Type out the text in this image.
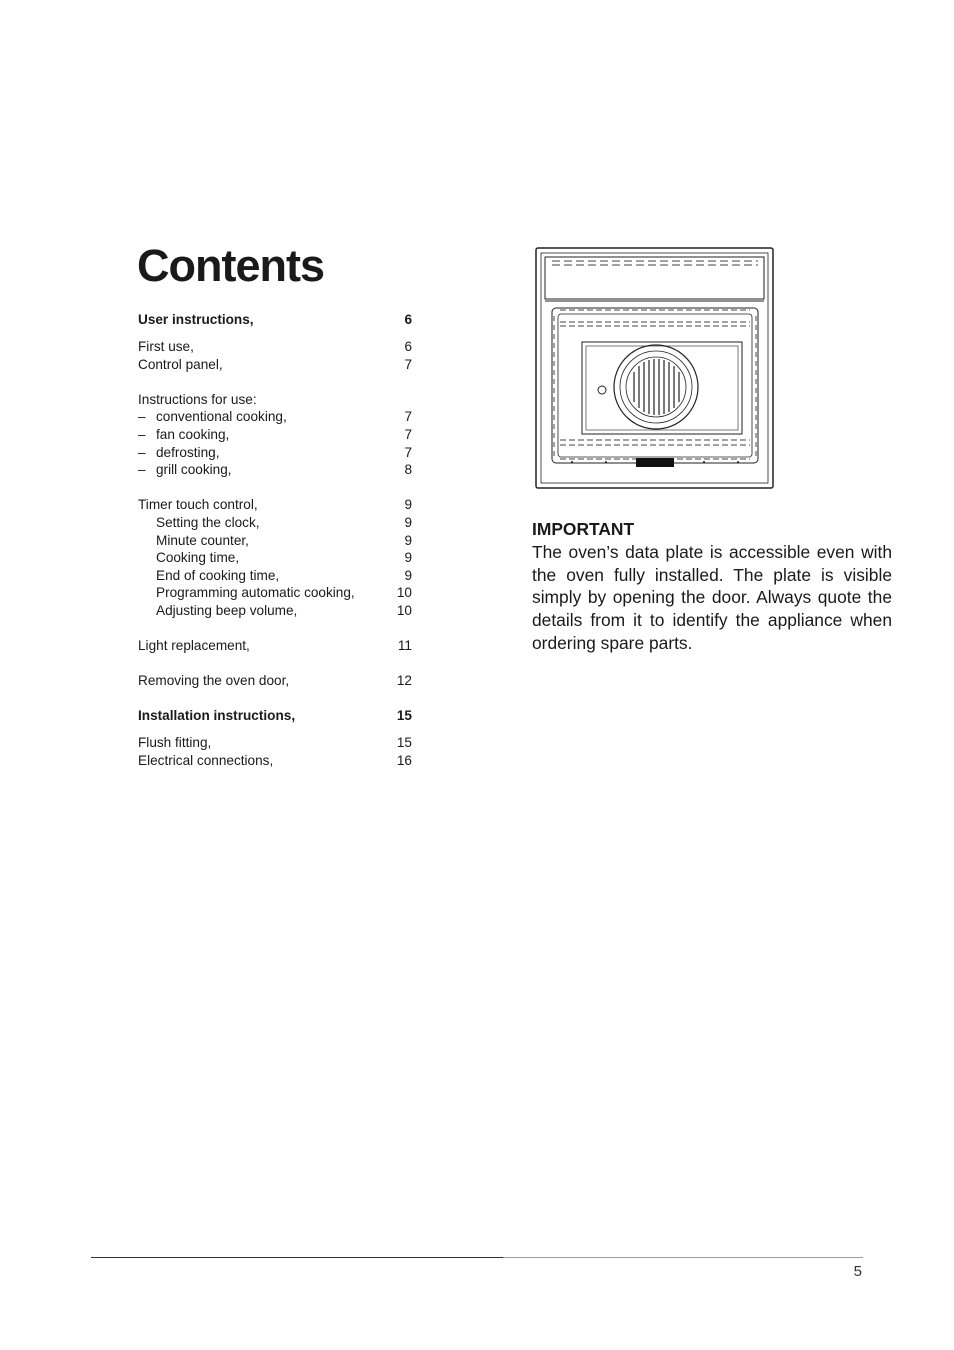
Contents
User instructions,	6
First use,	6
Control panel,	7
Instructions for use:
– conventional cooking,	7
– fan cooking,	7
– defrosting,	7
– grill cooking,	8
Timer touch control,	9
Setting the clock,	9
Minute counter,	9
Cooking time,	9
End of cooking time,	9
Programming automatic cooking,	10
Adjusting beep volume,	10
Light replacement,	11
Removing the oven door,	12
Installation instructions,	15
Flush fitting,	15
Electrical connections,	16

IMPORTANT

The oven’s data plate is accessible even with the oven fully installed. The plate is visible simply by opening the door. Always quote the details from it to identify the appliance when ordering spare parts.

5
